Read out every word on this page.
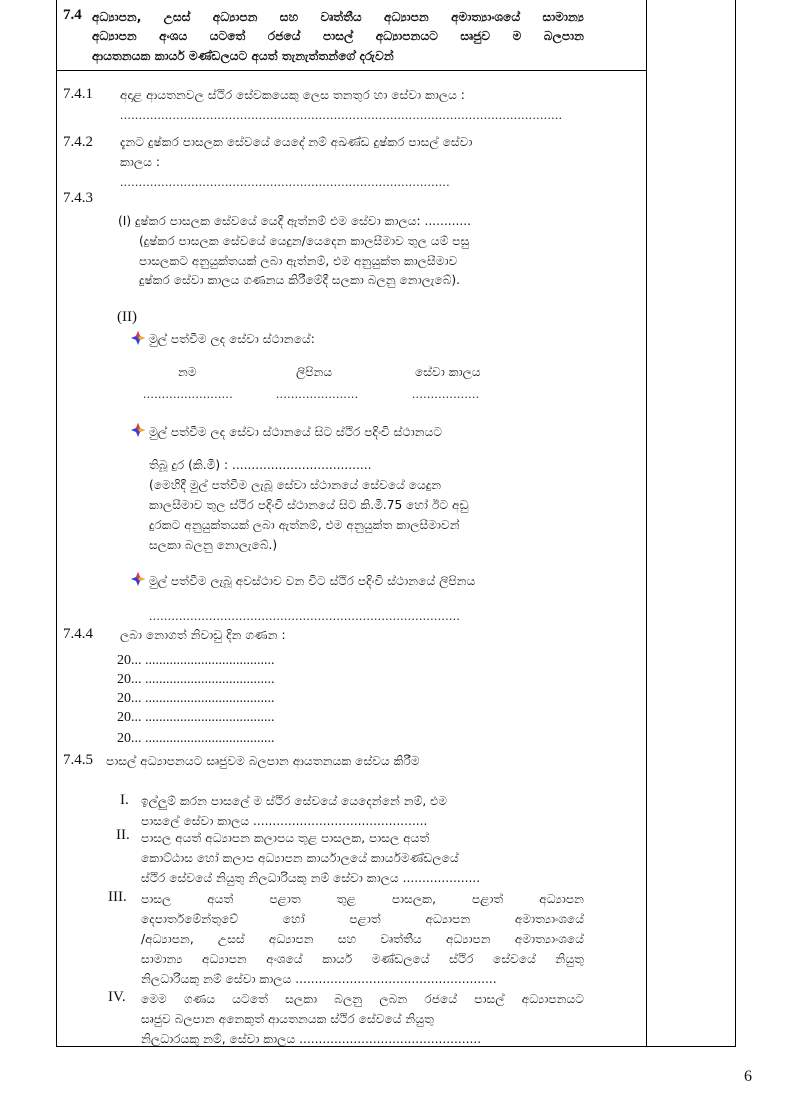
7.4 අධ්‍යාපන, උසස් අධ්‍යාපන සහ වෘත්තීය අධ්‍යාපන අමාත්‍යාංශයේ සාමාන්‍ය
අධ්‍යාපන අංශය යටතේ රජයේ පාසල් අධ්‍යාපනයට සෘජුව ම බලපාන
ආයතනයක කාර්ය මණ්ඩලයට අයත් තැනැත්තන්ගේ දරුවන්
7.4.1 අදාළ ආයතනවල ස්ථිර සේවකයෙකු ලෙස තනතුර හා සේවා කාලය :
......................................................................................................................
7.4.2 දැනට දුෂ්කර පාසලක සේවයේ යෙදේ නම් අඛණ්ඩ දුෂ්කර පාසල් සේවා
කාලය :
........................................................................................
7.4.3
(I) දුෂ්කර පාසලක සේවයේ යෙදී ඇත්නම් එම සේවා කාලය: ............
(දුෂ්කර පාසලක සේවයේ යෙදුන/යෙදෙන කාලසීමාව තුල යම් පසු
පාසලකට අනුයුක්තයක් ලබා ඇත්නම්, එම අනුයුක්ත කාලසීමාව
දුෂ්කර සේවා කාලය ගණනය කිරීමේදී සලකා බලනු නොලැබේ).
(II)
මුල් පත්වීම ලද සේවා ස්ථානයේ:
නම	ලිපිනය	සේවා කාලය
........................	......................	..................
මුල් පත්වීම ලද සේවා ස්ථානයේ සිට ස්ථිර පදිංචි ස්ථානයට
තිබූ දුර (කි.මී) : ....................................
(මෙහිදී මුල් පත්වීම ලැබූ සේවා ස්ථානයේ සේවයේ යෙදුන
කාලසීමාව තුල ස්ථිර පදිංචි ස්ථානයේ සිට කි.මී.75 හෝ ඊට අඩු
දුරකට අනුයුක්තයක් ලබා ඇත්නම්, එම අනුයුක්ත කාලසීමාවන්
සලකා බලනු නොලැබේ.)
මුල් පත්වීම ලැබූ අවස්ථාව වන විට ස්ථිර පදිංචි ස්ථානයේ ලිපිනය
...................................................................................
7.4.4 ලබා නොගත් නිවාඩු දින ගණන :
20... .....................................
20... .....................................
20... .....................................
20... .....................................
20... .....................................
7.4.5 පාසල් අධ්‍යාපනයට සෘජුවම බලපාන ආයතනයක සේවය කිරීම
I. ඉල්ලුම් කරන පාසලේ ම ස්ථිර සේවයේ යෙදෙන්නේ නම්, එම
පාසලේ සේවා කාලය .............................................
II. පාසල අයත් අධ්‍යාපන කලාපය තුළ පාසලක, පාසල අයත්
කොට්ඨාස හෝ කලාප අධ්‍යාපන කාර්යාලයේ කාර්යමණ්ඩලයේ
ස්ථිර සේවයේ නියුතු නිලධාරියකු නම් සේවා කාලය ....................
III. පාසල අයත් පළාත තුළ පාසලක, පළාත් අධ්‍යාපන
දෙපාර්තමේන්තුවේ හෝ පළාත් අධ්‍යාපන අමාත්‍යාංශයේ
/අධ්‍යාපන, උසස් අධ්‍යාපන සහ වෘත්තීය අධ්‍යාපන අමාත්‍යාංශයේ
සාමාන්‍ය අධ්‍යාපන අංශයේ කාර්ය මණ්ඩලයේ ස්ථිර සේවයේ නියුතු
නිලධාරියකු නම් සේවා කාලය ....................................................
IV. මෙම ගණය යටතේ සලකා බලනු ලබන රජයේ පාසල් අධ්‍යාපනයට
සෘජුව බලපාන අනෙකුත් ආයතනයක ස්ථිර සේවයේ නියුතු
නිලධාරයකු නම්, සේවා කාලය ...............................................
6
